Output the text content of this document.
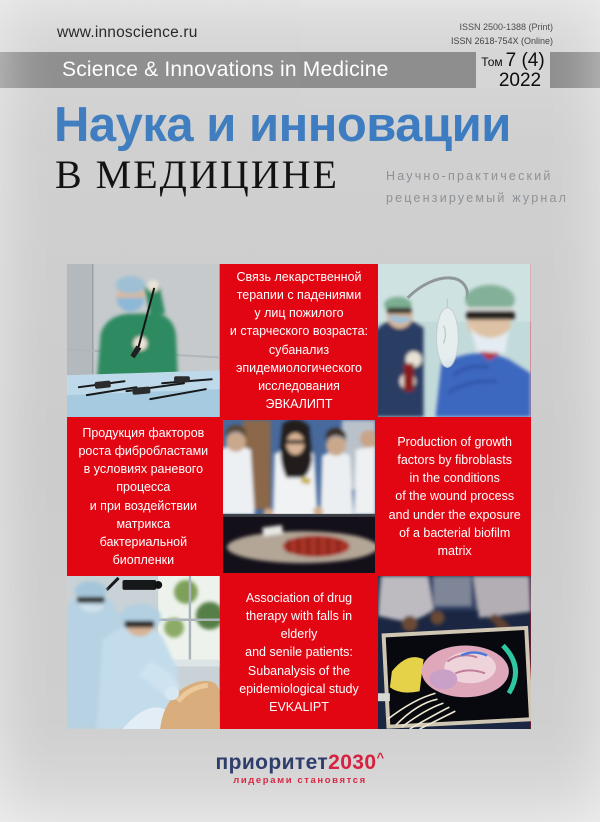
www.innoscience.ru	ISSN 2500-1388 (Print)
ISSN 2618-754X (Online)
Science & Innovations in Medicine	Том 7 (4)
2022
Наука и инновации
В МЕДИЦИНЕ	Научно-практический
рецензируемый журнал
Связь лекарственной
терапии с падениями
у лиц пожилого
и старческого возраста:
субанализ
эпидемиологического
исследования
ЭВКАЛИПТ
Продукция факторов
роста фибробластами
в условиях раневого
процесса
и при воздействии
матрикса бактериальной
биопленки
Production of growth
factors by fibroblasts
in the conditions
of the wound process
and under the exposure
of a bacterial biofilm
matrix
Association of drug
therapy with falls in elderly
and senile patients:
Subanalysis of the
epidemiological study
EVKALIPT
приоритет2030^
лидерами становятся
